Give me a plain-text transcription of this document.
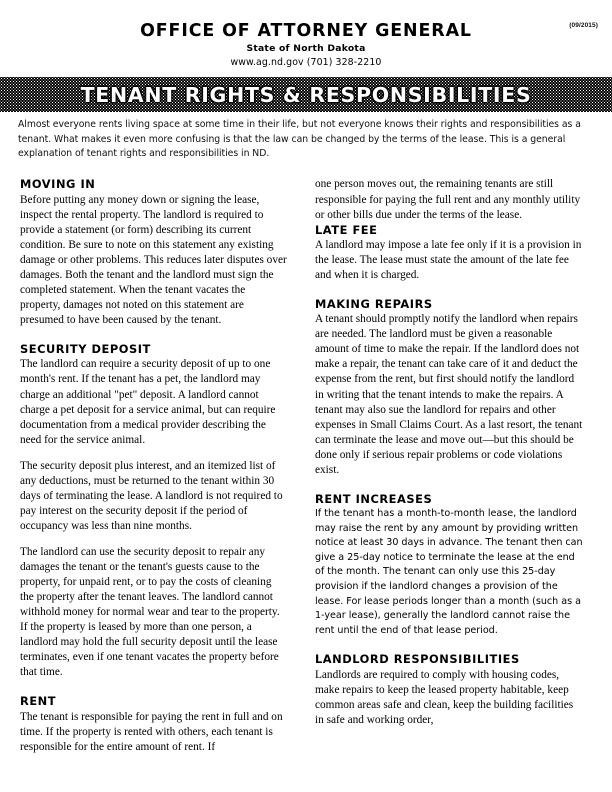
(09/2015)
OFFICE OF ATTORNEY GENERAL
State of North Dakota
www.ag.nd.gov (701) 328-2210
TENANT RIGHTS & RESPONSIBILITIES

Almost everyone rents living space at some time in their life, but not everyone knows their rights and responsibilities as a tenant. What makes it even more confusing is that the law can be changed by the terms of the lease. This is a general explanation of tenant rights and responsibilities in ND.

MOVING IN

Before putting any money down or signing the lease, inspect the rental property. The landlord is required to provide a statement (or form) describing its current condition. Be sure to note on this statement any existing damage or other problems. This reduces later disputes over damages. Both the tenant and the landlord must sign the completed statement. When the tenant vacates the property, damages not noted on this statement are presumed to have been caused by the tenant.

SECURITY DEPOSIT

The landlord can require a security deposit of up to one month's rent. If the tenant has a pet, the landlord may charge an additional "pet" deposit. A landlord cannot charge a pet deposit for a service animal, but can require documentation from a medical provider describing the need for the service animal.

The security deposit plus interest, and an itemized list of any deductions, must be returned to the tenant within 30 days of terminating the lease. A landlord is not required to pay interest on the security deposit if the period of occupancy was less than nine months.

The landlord can use the security deposit to repair any damages the tenant or the tenant's guests cause to the property, for unpaid rent, or to pay the costs of cleaning the property after the tenant leaves. The landlord cannot withhold money for normal wear and tear to the property. If the property is leased by more than one person, a landlord may hold the full security deposit until the lease terminates, even if one tenant vacates the property before that time.

RENT

The tenant is responsible for paying the rent in full and on time. If the property is rented with others, each tenant is responsible for the entire amount of rent. If

one person moves out, the remaining tenants are still responsible for paying the full rent and any monthly utility or other bills due under the terms of the lease.

LATE FEE

A landlord may impose a late fee only if it is a provision in the lease. The lease must state the amount of the late fee and when it is charged.

MAKING REPAIRS

A tenant should promptly notify the landlord when repairs are needed. The landlord must be given a reasonable amount of time to make the repair. If the landlord does not make a repair, the tenant can take care of it and deduct the expense from the rent, but first should notify the landlord in writing that the tenant intends to make the repairs. A tenant may also sue the landlord for repairs and other expenses in Small Claims Court. As a last resort, the tenant can terminate the lease and move out—but this should be done only if serious repair problems or code violations exist.

RENT INCREASES

If the tenant has a month-to-month lease, the landlord may raise the rent by any amount by providing written notice at least 30 days in advance. The tenant then can give a 25-day notice to terminate the lease at the end of the month. The tenant can only use this 25-day provision if the landlord changes a provision of the lease. For lease periods longer than a month (such as a 1-year lease), generally the landlord cannot raise the rent until the end of that lease period.

LANDLORD RESPONSIBILITIES

Landlords are required to comply with housing codes, make repairs to keep the leased property habitable, keep common areas safe and clean, keep the building facilities in safe and working order,
